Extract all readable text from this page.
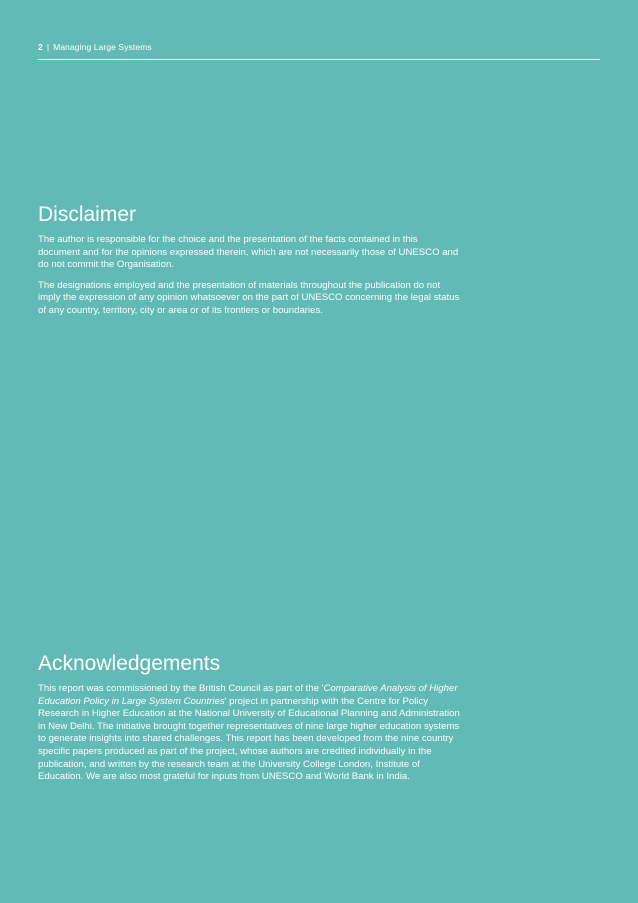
2 | Managing Large Systems
Disclaimer

The author is responsible for the choice and the presentation of the facts contained in this document and for the opinions expressed therein, which are not necessarily those of UNESCO and do not commit the Organisation.

The designations employed and the presentation of materials throughout the publication do not imply the expression of any opinion whatsoever on the part of UNESCO concerning the legal status of any country, territory, city or area or of its frontiers or boundaries.

Acknowledgements

This report was commissioned by the British Council as part of the 'Comparative Analysis of Higher Education Policy in Large System Countries' project in partnership with the Centre for Policy Research in Higher Education at the National University of Educational Planning and Administration in New Delhi. The initiative brought together representatives of nine large higher education systems to generate insights into shared challenges. This report has been developed from the nine country specific papers produced as part of the project, whose authors are credited individually in the publication, and written by the research team at the University College London, Institute of Education. We are also most grateful for inputs from UNESCO and World Bank in India.
